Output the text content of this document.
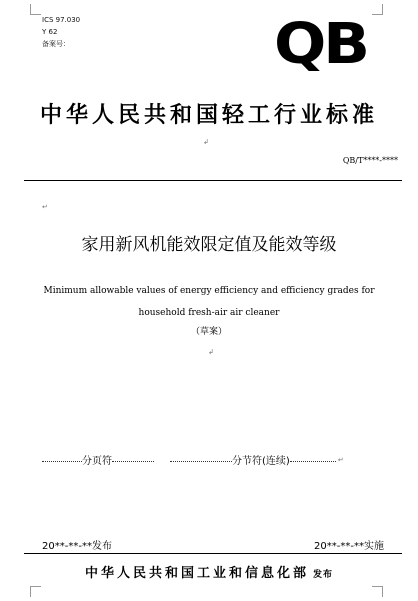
ICS 97.030
Y 62
备案号：	QB
中华人民共和国轻工行业标准
↲
QB/T****-****
↵
家用新风机能效限定值及能效等级
Minimum allowable values of energy efficiency and efficiency grades for
household fresh-air air cleaner
（草案）
↲
分页符	分节符(连续)	↵
20**-**-**发布	20**-**-**实施
中华人民共和国工业和信息化部 发布
